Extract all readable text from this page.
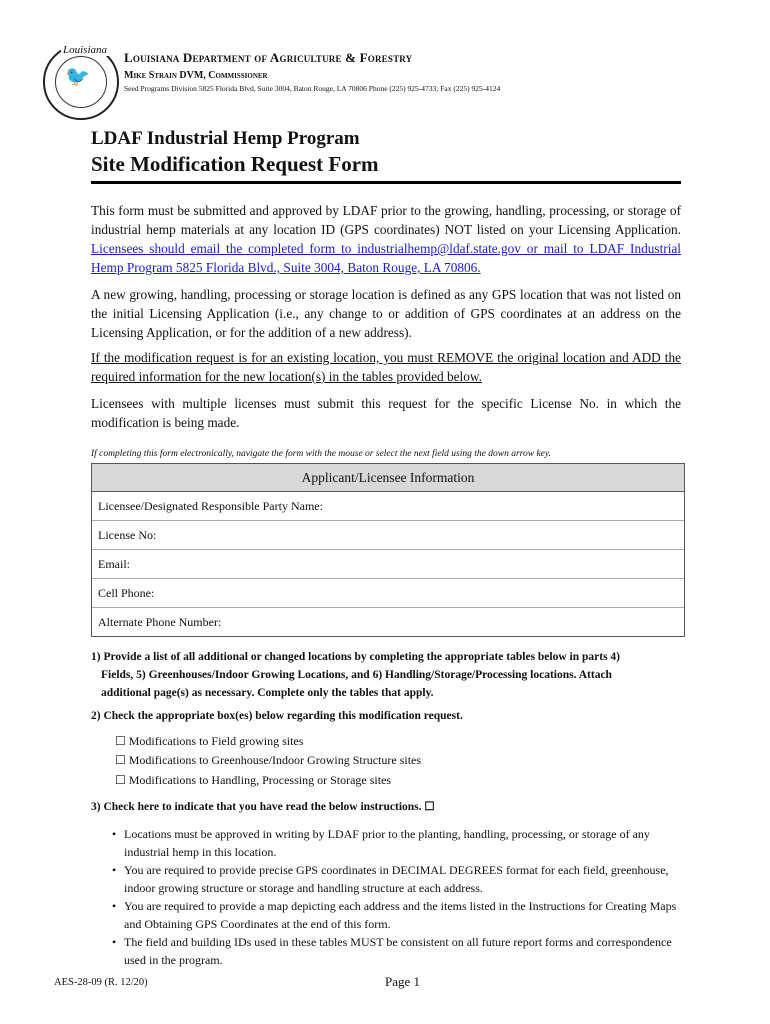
Louisiana
🐦
Louisiana Department of Agriculture & Forestry
Mike Strain DVM, Commissioner
Seed Programs Division 5825 Florida Blvd, Suite 3004, Baton Rouge, LA 70806 Phone (225) 925-4733; Fax (225) 925-4124
LDAF Industrial Hemp Program
Site Modification Request Form
This form must be submitted and approved by LDAF prior to the growing, handling, processing, or storage of industrial hemp materials at any location ID (GPS coordinates) NOT listed on your Licensing Application. Licensees should email the completed form to industrialhemp@ldaf.state.gov or mail to LDAF Industrial Hemp Program 5825 Florida Blvd., Suite 3004, Baton Rouge, LA 70806.
A new growing, handling, processing or storage location is defined as any GPS location that was not listed on the initial Licensing Application (i.e., any change to or addition of GPS coordinates at an address on the Licensing Application, or for the addition of a new address).
If the modification request is for an existing location, you must REMOVE the original location and ADD the required information for the new location(s) in the tables provided below.
Licensees with multiple licenses must submit this request for the specific License No. in which the modification is being made.
If completing this form electronically, navigate the form with the mouse or select the next field using the down arrow key.
Applicant/Licensee Information
Licensee/Designated Responsible Party Name:
License No:
Email:
Cell Phone:
Alternate Phone Number:
1) Provide a list of all additional or changed locations by completing the appropriate tables below in parts 4)
Fields, 5) Greenhouses/Indoor Growing Locations, and 6) Handling/Storage/Processing locations. Attach
additional page(s) as necessary. Complete only the tables that apply.
2) Check the appropriate box(es) below regarding this modification request.
☐ Modifications to Field growing sites
☐ Modifications to Greenhouse/Indoor Growing Structure sites
☐ Modifications to Handling, Processing or Storage sites
3) Check here to indicate that you have read the below instructions. ☐
• Locations must be approved in writing by LDAF prior to the planting, handling, processing, or storage of any industrial hemp in this location.
• You are required to provide precise GPS coordinates in DECIMAL DEGREES format for each field, greenhouse, indoor growing structure or storage and handling structure at each address.
• You are required to provide a map depicting each address and the items listed in the Instructions for Creating Maps and Obtaining GPS Coordinates at the end of this form.
• The field and building IDs used in these tables MUST be consistent on all future report forms and correspondence used in the program.
AES-28-09 (R. 12/20)	Page 1
